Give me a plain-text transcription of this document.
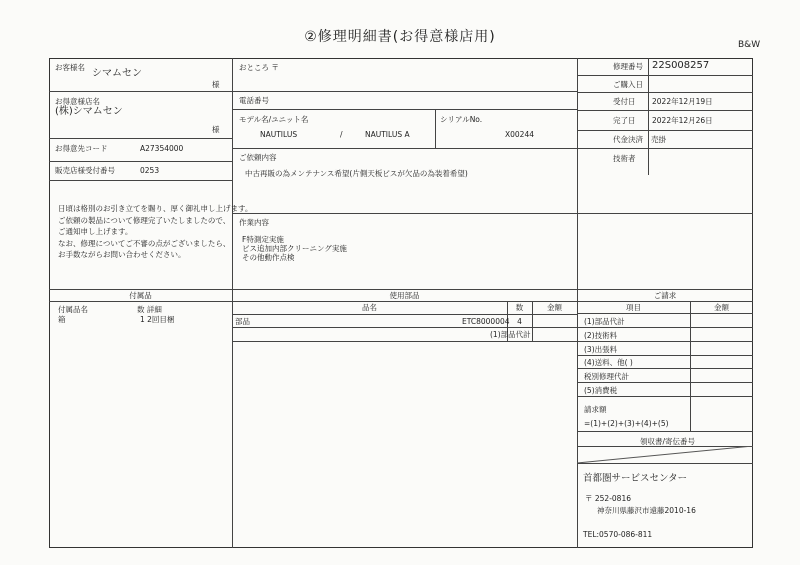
②修理明細書(お得意様店用)	B&W
お客様名
シマムセン
様
お得意様店名
(株)シマムセン
様
お得意先コード	A27354000
販売店様受付番号	0253
日頃は格別のお引き立てを賜り、厚く御礼申し上げます。
ご依頼の製品について修理完了いたしましたので、
ご通知申し上げます。
なお、修理についてご不審の点がございましたら、
お手数ながらお問い合わせください。
おところ 〒
電話番号
モデル名/ユニット名
NAUTILUS	/	NAUTILUS A
シリアルNo.
X00244
ご依頼内容
中古再販の為メンテナンス希望(片側天板ビスが欠品の為装着希望)
作業内容
F特測定実施
ビス追加内部クリーニング実施
その他動作点検
修理番号 22S008257
ご購入日
受付日 2022年12月19日
完了日 2022年12月26日
代金決済 売掛
技術者
付属品
付属品名	数 詳細
箱	1 2回目梱
使用部品
品名	数	金額
部品	ETC8000004	4
(1)部品代計
ご請求
項目	金額
(1)部品代計
(2)技術料
(3)出張料
(4)送料、他( )
税別修理代計
(5)消費税
請求額
=(1)+(2)+(3)+(4)+(5)
領収書/寄伝番号
首都圏サービスセンター
〒 252-0816
神奈川県藤沢市遠藤2010-16
TEL:0570-086-811
